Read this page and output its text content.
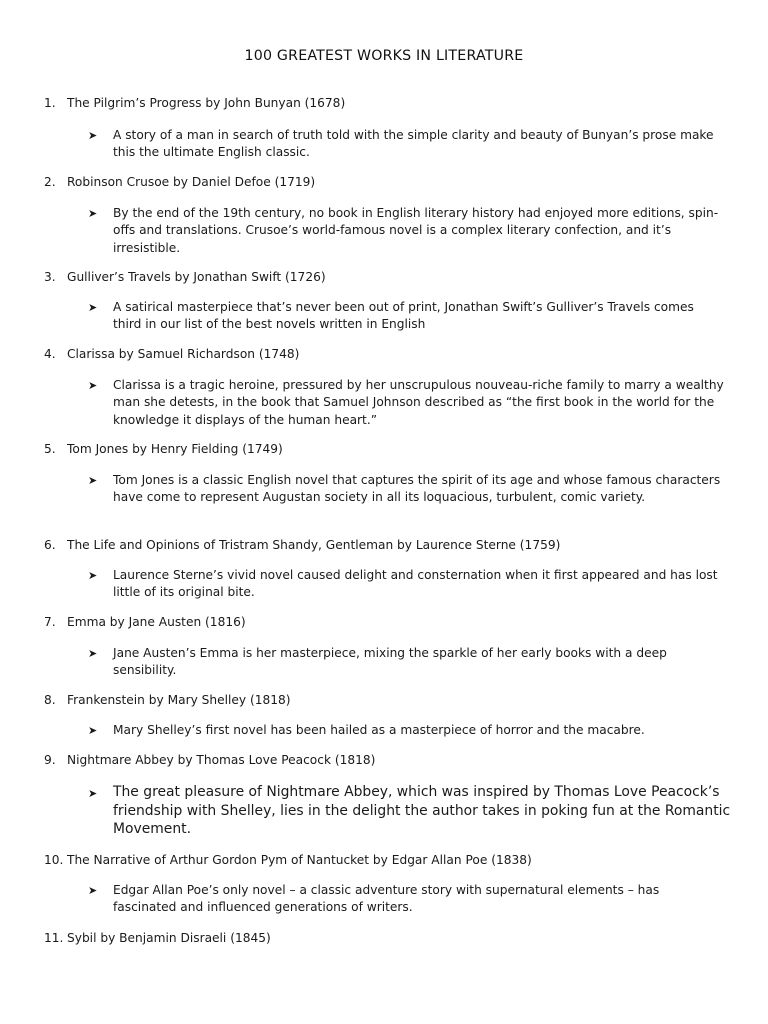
100 GREATEST WORKS IN LITERATURE
1. The Pilgrim’s Progress by John Bunyan (1678)
➤ A story of a man in search of truth told with the simple clarity and beauty of Bunyan’s prose make this the ultimate English classic.
2. Robinson Crusoe by Daniel Defoe (1719)
➤ By the end of the 19th century, no book in English literary history had enjoyed more editions, spin-offs and translations. Crusoe’s world-famous novel is a complex literary confection, and it’s irresistible.
3. Gulliver’s Travels by Jonathan Swift (1726)
➤ A satirical masterpiece that’s never been out of print, Jonathan Swift’s Gulliver’s Travels comes third in our list of the best novels written in English
4. Clarissa by Samuel Richardson (1748)
➤ Clarissa is a tragic heroine, pressured by her unscrupulous nouveau-riche family to marry a wealthy man she detests, in the book that Samuel Johnson described as “the first book in the world for the knowledge it displays of the human heart.”
5. Tom Jones by Henry Fielding (1749)
➤ Tom Jones is a classic English novel that captures the spirit of its age and whose famous characters have come to represent Augustan society in all its loquacious, turbulent, comic variety.
6. The Life and Opinions of Tristram Shandy, Gentleman by Laurence Sterne (1759)
➤ Laurence Sterne’s vivid novel caused delight and consternation when it first appeared and has lost little of its original bite.
7. Emma by Jane Austen (1816)
➤ Jane Austen’s Emma is her masterpiece, mixing the sparkle of her early books with a deep sensibility.
8. Frankenstein by Mary Shelley (1818)
➤ Mary Shelley’s first novel has been hailed as a masterpiece of horror and the macabre.
9. Nightmare Abbey by Thomas Love Peacock (1818)
➤ The great pleasure of Nightmare Abbey, which was inspired by Thomas Love Peacock’s friendship with Shelley, lies in the delight the author takes in poking fun at the Romantic Movement.
10. The Narrative of Arthur Gordon Pym of Nantucket by Edgar Allan Poe (1838)
➤ Edgar Allan Poe’s only novel – a classic adventure story with supernatural elements – has fascinated and influenced generations of writers.
11. Sybil by Benjamin Disraeli (1845)
